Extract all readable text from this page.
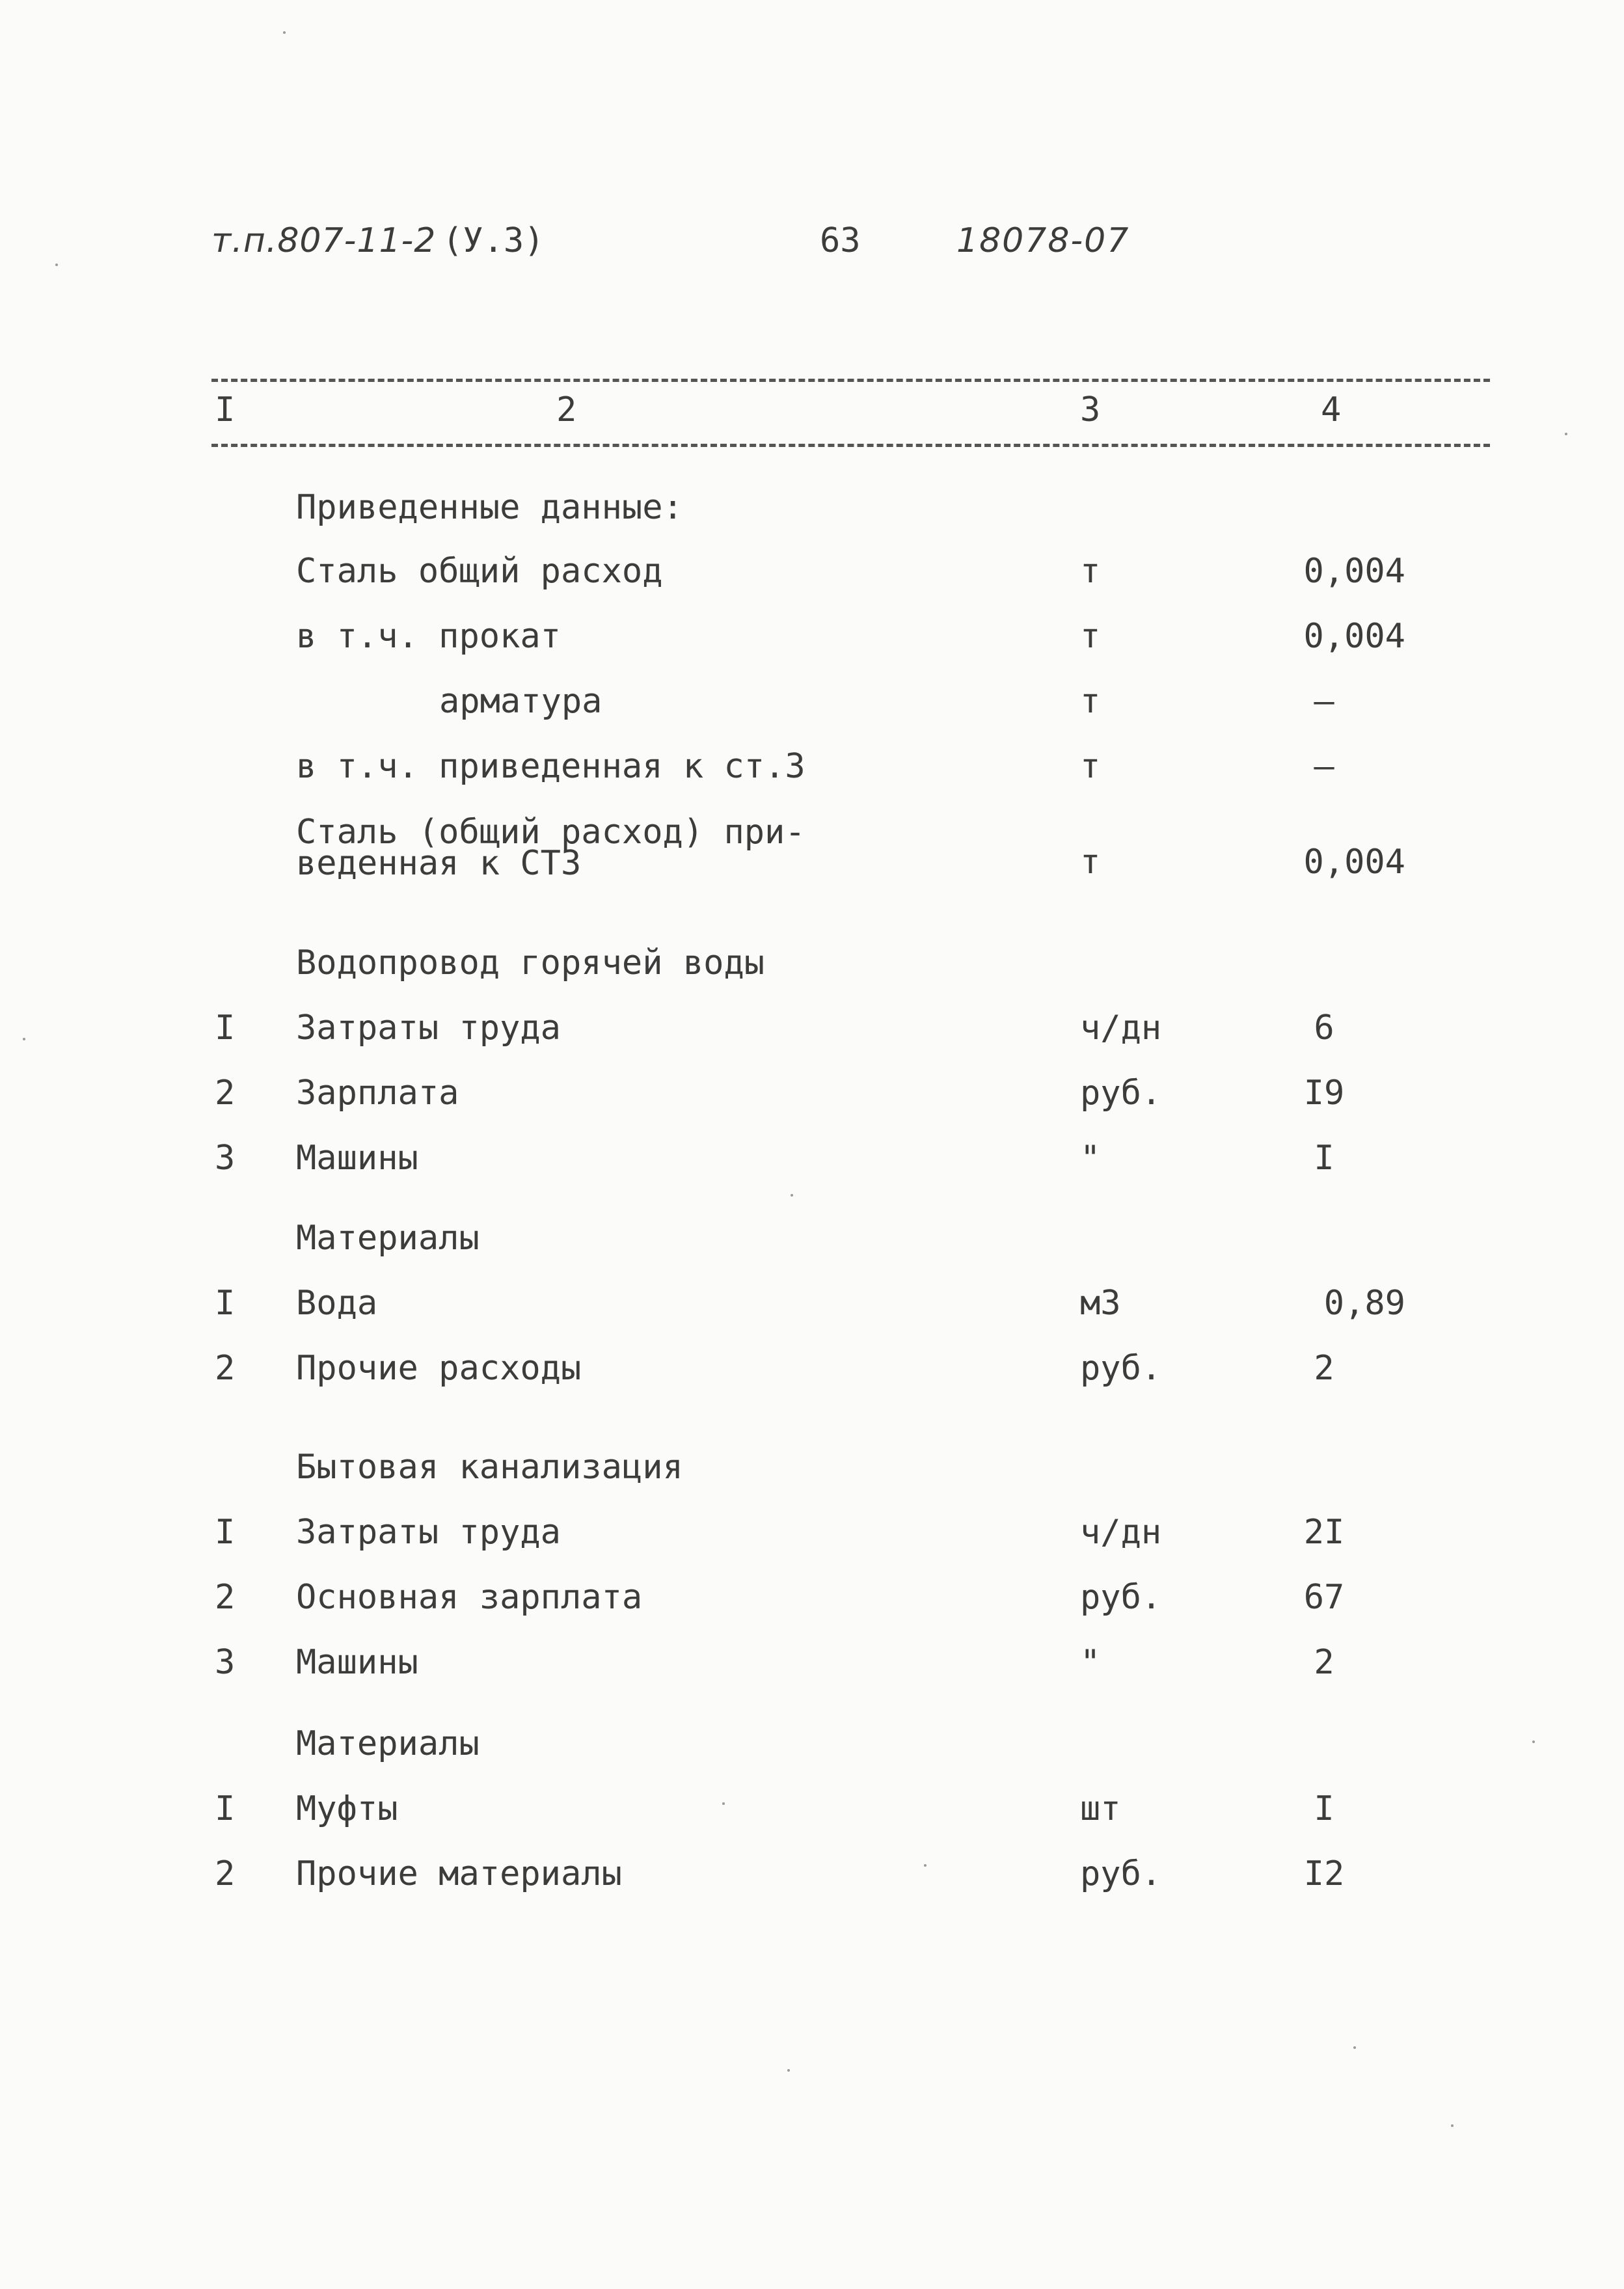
т.п.807-11-2 (У.3)	63	18078-07
I	2	3	4
Приведенные данные:
Сталь общий расход	т	0,004
в т.ч. прокат	т	0,004
арматура	т	–
в т.ч. приведенная к ст.3	т	–
Сталь (общий расход) при-
веденная к СТ3	т	0,004
Водопровод горячей воды
I Затраты труда	ч/дн	6
2 Зарплата	руб.	I9
3 Машины	"	I
Материалы
I Вода	м3	0,89
2 Прочие расходы	руб.	2
Бытовая канализация
I Затраты труда	ч/дн	2I
2 Основная зарплата	руб.	67
3 Машины	"	2
Материалы
I Муфты	шт	I
2 Прочие материалы	руб.	I2
